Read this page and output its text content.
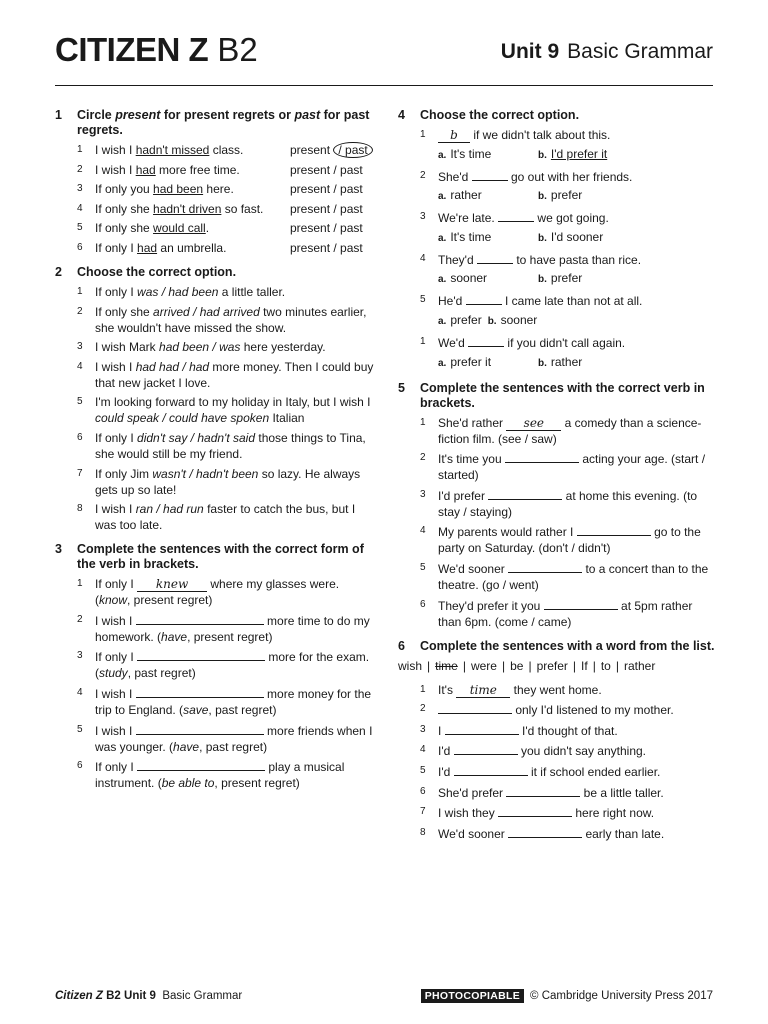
CITIZEN Z B2	Unit 9 Basic Grammar
1	Circle present for present regrets or past for past regrets.
1	I wish I hadn't missed class.	present / past
2	I wish I had more free time.	present / past
3	If only you had been here.	present / past
4	If only she hadn't driven so fast. present / past
5	If only she would call.	present / past
6	If only I had an umbrella.	present / past
2	Choose the correct option.
1	If only I was / had been a little taller.
2	If only she arrived / had arrived two minutes earlier, she wouldn't have missed the show.
3	I wish Mark had been / was here yesterday.
4	I wish I had had / had more money. Then I could buy that new jacket I love.
5	I'm looking forward to my holiday in Italy, but I wish I could speak / could have spoken Italian
6	If only I didn't say / hadn't said those things to Tina, she would still be my friend.
7	If only Jim wasn't / hadn't been so lazy. He always gets up so late!
8	I wish I ran / had run faster to catch the bus, but I was too late.
3	Complete the sentences with the correct form of the verb in brackets.
1	If only I knew where my glasses were. (know, present regret)
2	I wish I	more time to do my homework. (have, present regret)
3	If only I	more for the exam. (study, past regret)
4	I wish I	more money for the trip to England. (save, past regret)
5	I wish I	more friends when I was younger. (have, past regret)
6	If only I	play a musical instrument. (be able to, present regret)
4	Choose the correct option.
1	b if we didn't talk about this.
a. It's time	b. I'd prefer it
2	She'd	go out with her friends.
a. rather	b. prefer
3	We're late.	we got going.
a. It's time	b. I'd sooner
4	They'd	to have pasta than rice.
a. sooner	b. prefer
5	He'd	I came late than not at all.
a. prefer b. sooner
1	We'd	if you didn't call again.
a. prefer it	b. rather
5	Complete the sentences with the correct verb in brackets.
1	She'd rather see a comedy than a science-fiction film. (see / saw)
2	It's time you	acting your age. (start / started)
3	I'd prefer	at home this evening. (to stay / staying)
4	My parents would rather I	go to the party on Saturday. (don't / didn't)
5	We'd sooner	to a concert than to the theatre. (go / went)
6	They'd prefer it you	at 5pm rather than 6pm. (come / came)
6	Complete the sentences with a word from the list.
wish | time | were | be | prefer | If | to | rather
1	It's time they went home.
2	only I'd listened to my mother.
3	I	I'd thought of that.
4	I'd	you didn't say anything.
5	I'd	it if school ended earlier.
6	She'd prefer	be a little taller.
7	I wish they	here right now.
8	We'd sooner	early than late.
Citizen Z B2 Unit 9  Basic Grammar	PHOTOCOPIABLE © Cambridge University Press 2017
